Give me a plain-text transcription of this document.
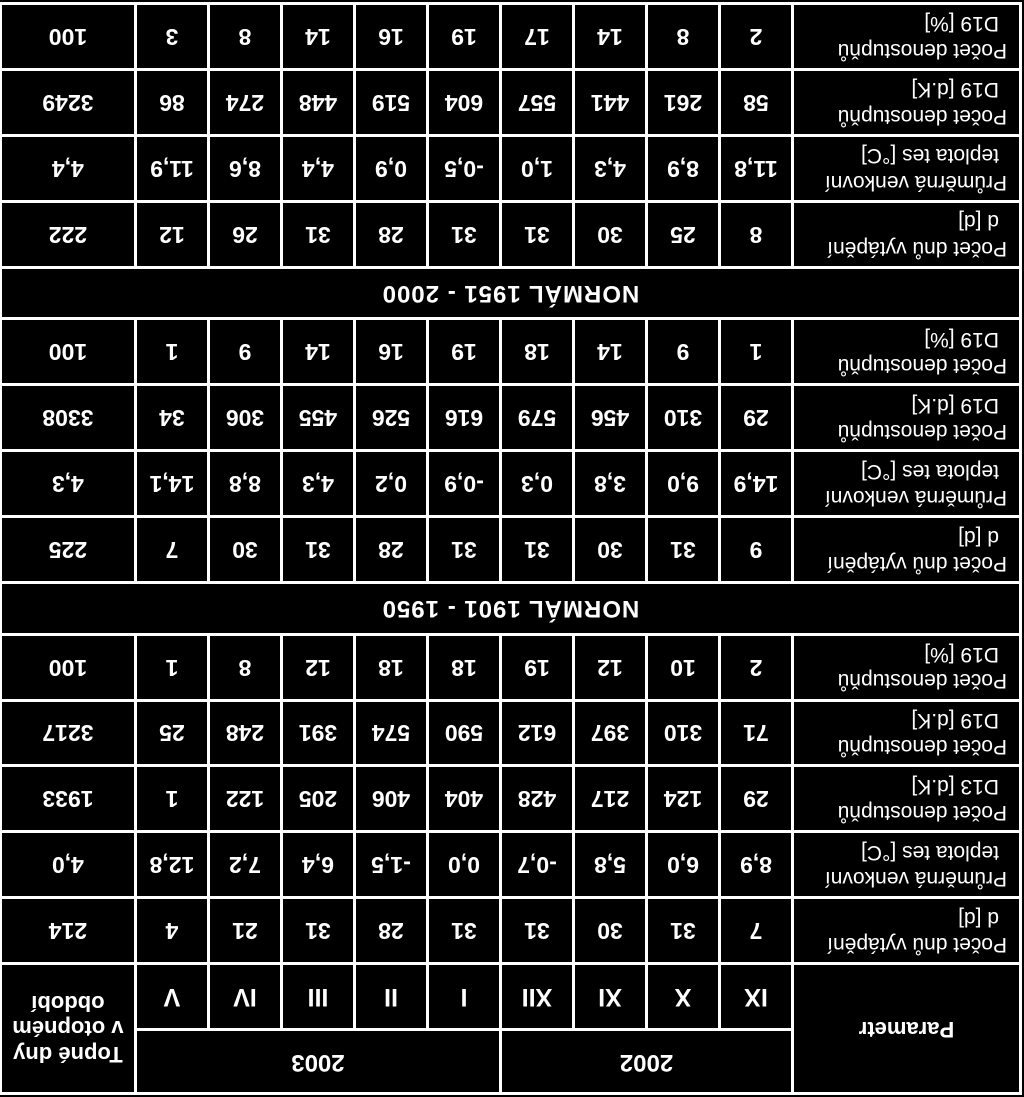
Parametr	2002				2003					Topné dny
v otopném
období
	IX	X	XI	XII	I	II	III	IV	V	
Počet dnů vytápění
d [d]	7	31	30	31	31	28	31	21	4	214
Průměrná venkovní
teplota tes [°C]	8,9	6,0	5,8	-0,7	0,0	-1,5	6,4	7,2	12,8	4,0
Počet denostupňů
D13 [d.K]	29	124	217	428	404	406	205	122	1	1933
Počet denostupňů
D19 [d.K]	71	310	397	612	590	574	391	248	25	3217
Počet denostupňů
D19 [%]	2	10	12	19	18	18	12	8	1	100
NORMÁL 1901 - 1950										
Počet dnů vytápění
d [d]	9	31	30	31	31	28	31	30	7	225
Průměrná venkovní
teplota tes [°C]	14,9	9,0	3,8	0,3	-0,9	0,2	4,3	8,8	14,1	4,3
Počet denostupňů
D19 [d.K]	29	310	456	579	616	526	455	306	34	3308
Počet denostupňů
D19 [%]	1	9	14	18	19	16	14	9	1	100
NORMÁL 1951 - 2000										
Počet dnů vytápění
d [d]	8	25	30	31	31	28	31	26	12	222
Průměrná venkovní
teplota tes [°C]	11,8	8,9	4,3	1,0	-0,5	0,9	4,4	8,6	11,9	4,4
Počet denostupňů
D19 [d.K]	58	261	441	557	604	519	448	274	86	3249
Počet denostupňů
D19 [%]	2	8	14	17	19	16	14	8	3	100
